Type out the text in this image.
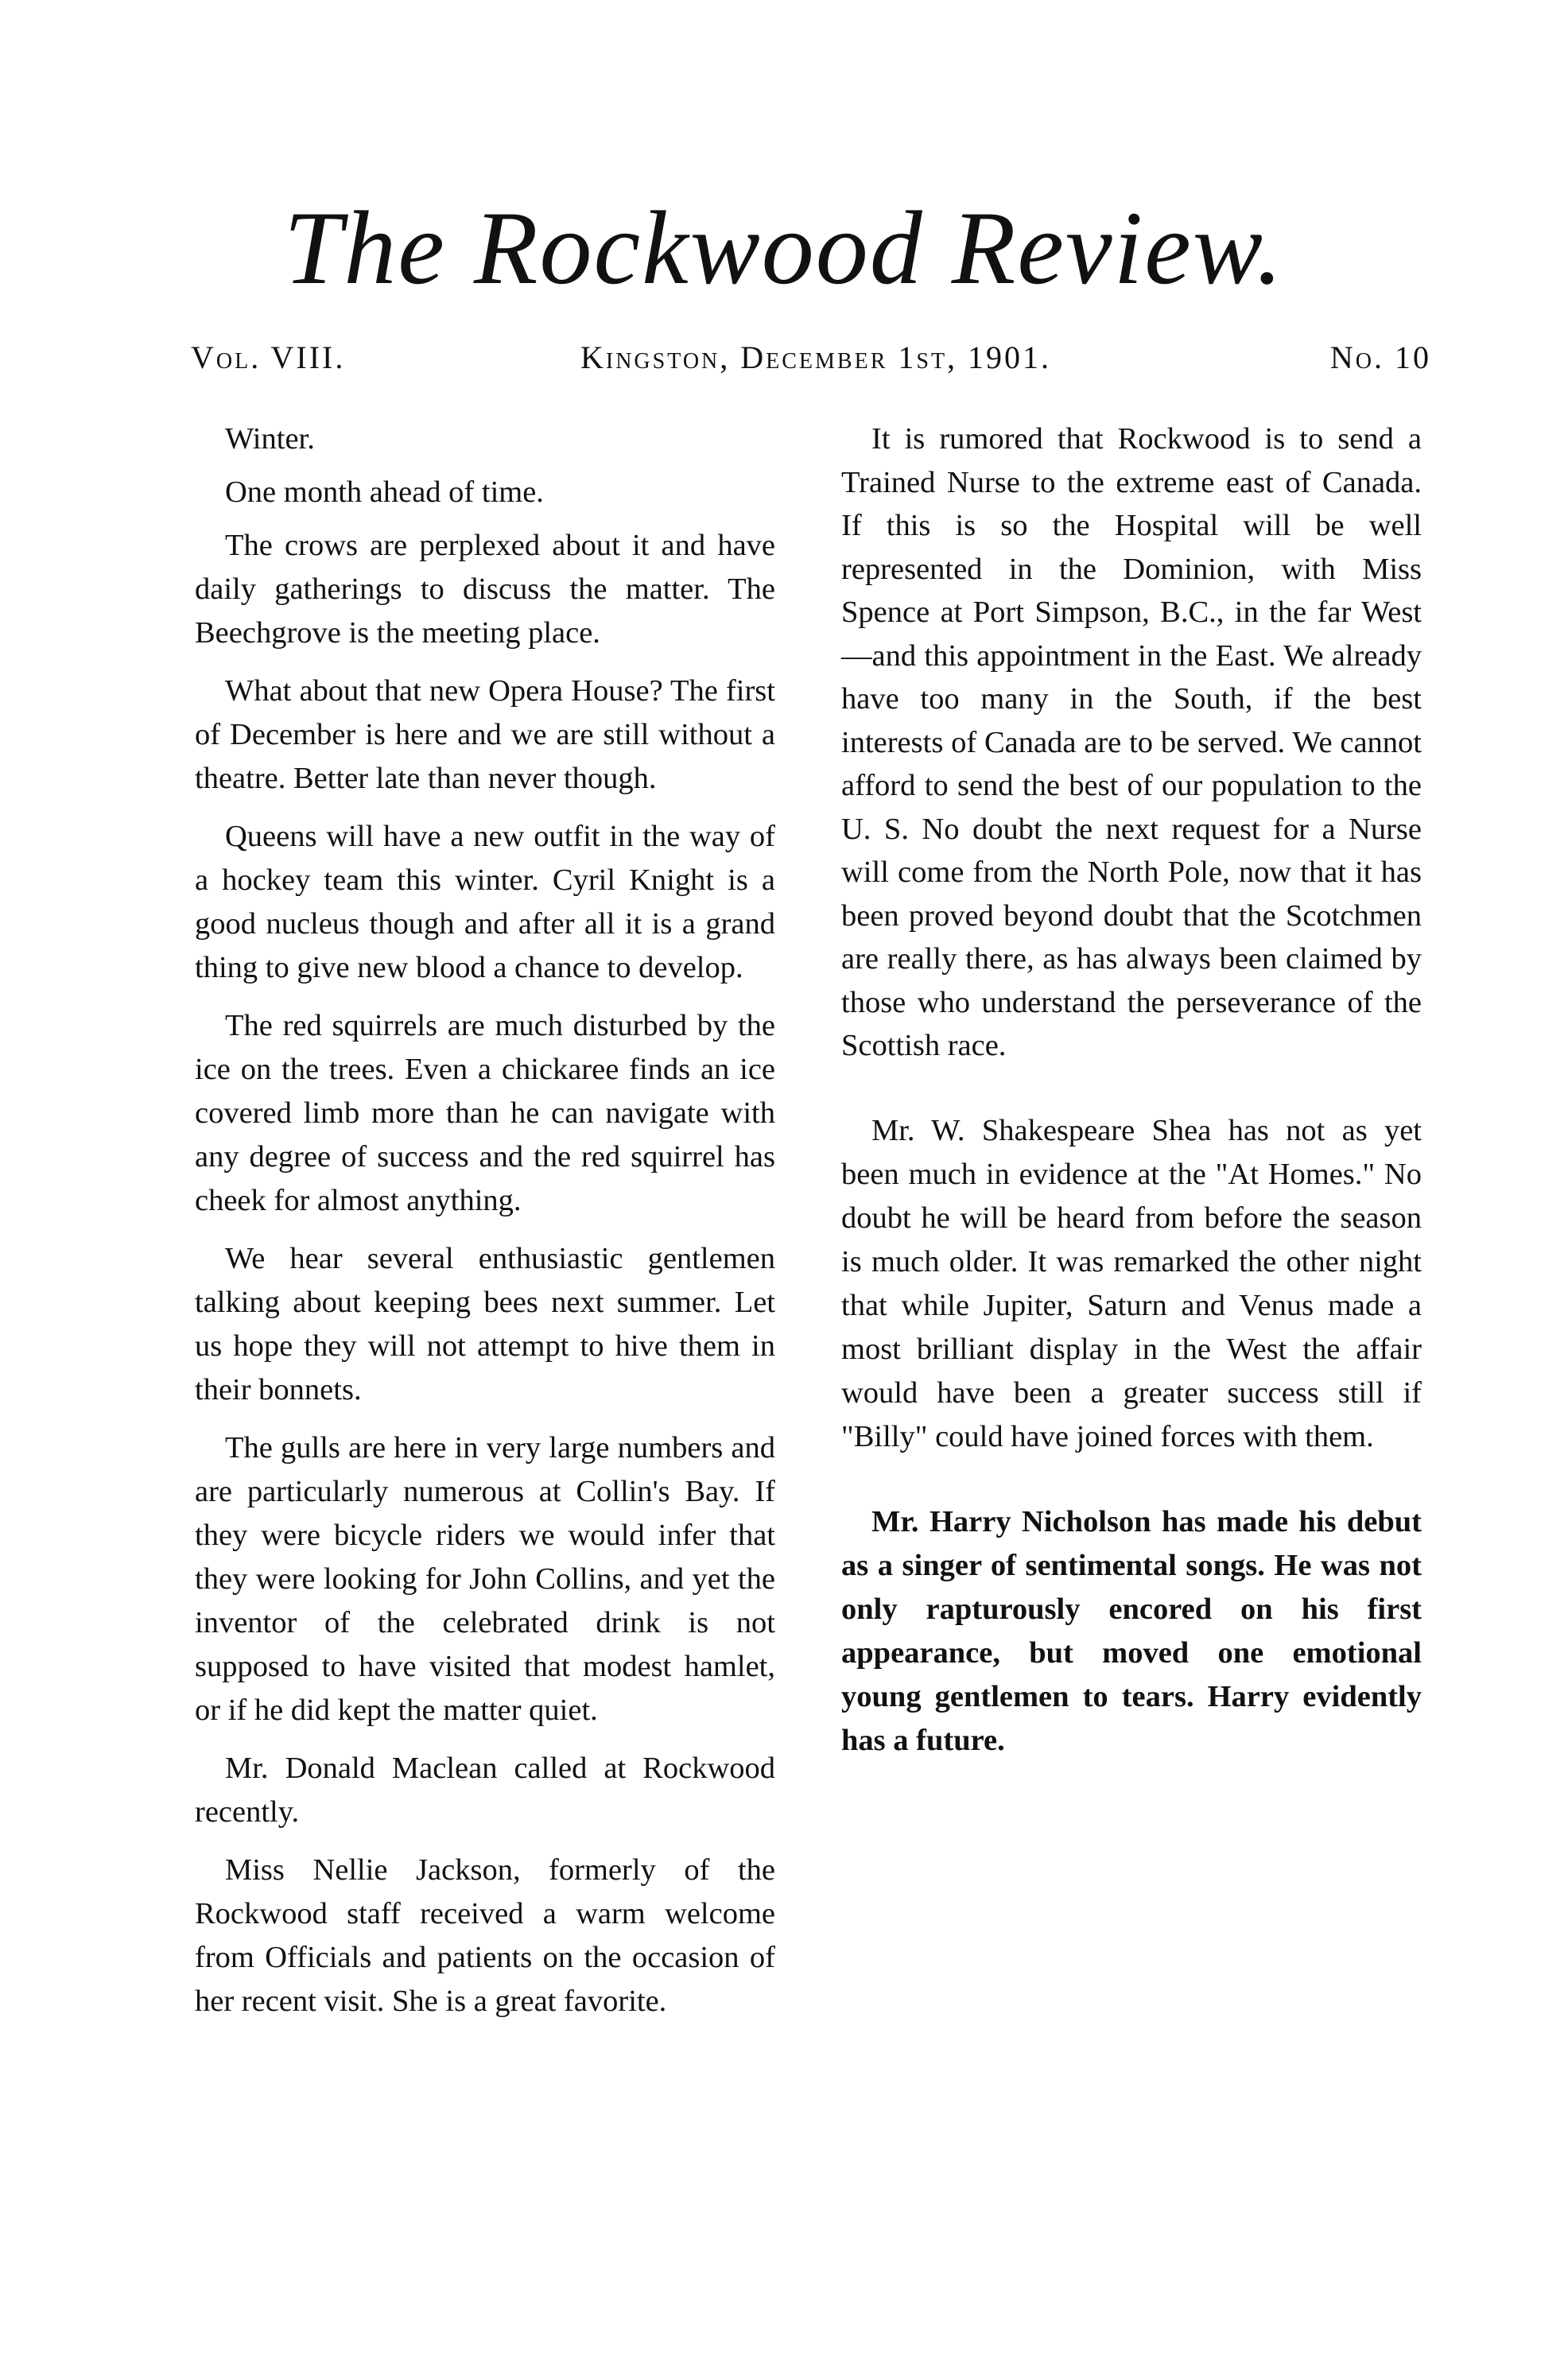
The Rockwood Review.
Vol. VIII.	Kingston, December 1st, 1901.	No. 10

Winter.

One month ahead of time.

The crows are perplexed about it and have daily gatherings to discuss the matter. The Beechgrove is the meeting place.

What about that new Opera House? The first of December is here and we are still without a theatre. Better late than never though.

Queens will have a new outfit in the way of a hockey team this winter. Cyril Knight is a good nucleus though and after all it is a grand thing to give new blood a chance to develop.

The red squirrels are much disturbed by the ice on the trees. Even a chickaree finds an ice covered limb more than he can navigate with any degree of success and the red squirrel has cheek for almost anything.

We hear several enthusiastic gentlemen talking about keeping bees next summer. Let us hope they will not attempt to hive them in their bonnets.

The gulls are here in very large numbers and are particularly numerous at Collin's Bay. If they were bicycle riders we would infer that they were looking for John Collins, and yet the inventor of the celebrated drink is not supposed to have visited that modest hamlet, or if he did kept the matter quiet.

Mr. Donald Maclean called at Rockwood recently.

Miss Nellie Jackson, formerly of the Rockwood staff received a warm welcome from Officials and patients on the occasion of her recent visit. She is a great favorite.

It is rumored that Rockwood is to send a Trained Nurse to the extreme east of Canada. If this is so the Hospital will be well represented in the Dominion, with Miss Spence at Port Simpson, B.C., in the far West—and this appointment in the East. We already have too many in the South, if the best interests of Canada are to be served. We cannot afford to send the best of our population to the U. S. No doubt the next request for a Nurse will come from the North Pole, now that it has been proved beyond doubt that the Scotchmen are really there, as has always been claimed by those who understand the perseverance of the Scottish race.

Mr. W. Shakespeare Shea has not as yet been much in evidence at the "At Homes." No doubt he will be heard from before the season is much older. It was remarked the other night that while Jupiter, Saturn and Venus made a most brilliant display in the West the affair would have been a greater success still if "Billy" could have joined forces with them.

Mr. Harry Nicholson has made his debut as a singer of sentimental songs. He was not only rapturously encored on his first appearance, but moved one emotional young gentlemen to tears. Harry evidently has a future.
